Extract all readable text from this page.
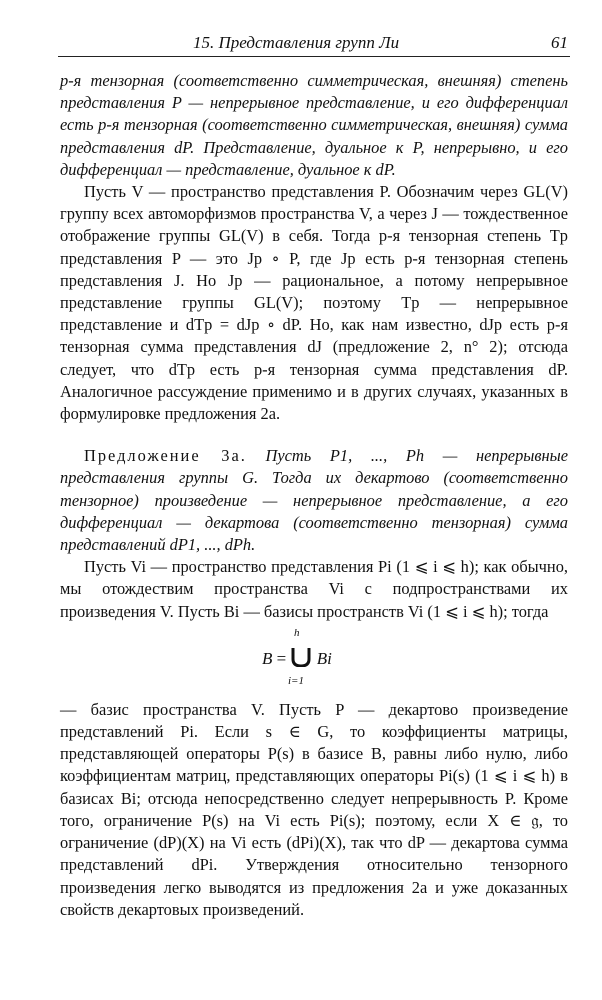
15. Представления групп Ли	61

p-я тензорная (соответственно симметрическая, внешняя) степень представления P — непрерывное представление, и его дифференциал есть p-я тензорная (соответственно симметрическая, внешняя) сумма представления dP. Представление, дуальное к P, непрерывно, и его дифференциал — представление, дуальное к dP.

Пусть V — пространство представления P. Обозначим через GL(V) группу всех автоморфизмов пространства V, а через J — тождественное отображение группы GL(V) в себя. Тогда p-я тензорная степень Tp представления P — это Jp ∘ P, где Jp есть p-я тензорная степень представления J. Но Jp — рациональное, а потому непрерывное представление группы GL(V); поэтому Tp — непрерывное представление и dTp = dJp ∘ dP. Но, как нам известно, dJp есть p-я тензорная сумма представления dJ (предложение 2, n° 2); отсюда следует, что dTp есть p-я тензорная сумма представления dP. Аналогичное рассуждение применимо и в других случаях, указанных в формулировке предложения 2а.

Предложение 3а. Пусть P1, ..., Ph — непрерывные представления группы G. Тогда их декартово (соответственно тензорное) произведение — непрерывное представление, а его дифференциал — декартова (соответственно тензорная) сумма представлений dP1, ..., dPh.

Пусть Vi — пространство представления Pi (1 ⩽ i ⩽ h); как обычно, мы отождествим пространства Vi с подпространствами их произведения V. Пусть Bi — базисы пространств Vi (1 ⩽ i ⩽ h); тогда

h
B = Bi
i=1

— базис пространства V. Пусть P — декартово произведение представлений Pi. Если s ∈ G, то коэффициенты матрицы, представляющей операторы P(s) в базисе B, равны либо нулю, либо коэффициентам матриц, представляющих операторы Pi(s) (1 ⩽ i ⩽ h) в базисах Bi; отсюда непосредственно следует непрерывность P. Кроме того, ограничение P(s) на Vi есть Pi(s); поэтому, если X ∈ 𝔤, то ограничение (dP)(X) на Vi есть (dPi)(X), так что dP — декартова сумма представлений dPi. Утверждения относительно тензорного произведения легко выводятся из предложения 2а и уже доказанных свойств декартовых произведений.
